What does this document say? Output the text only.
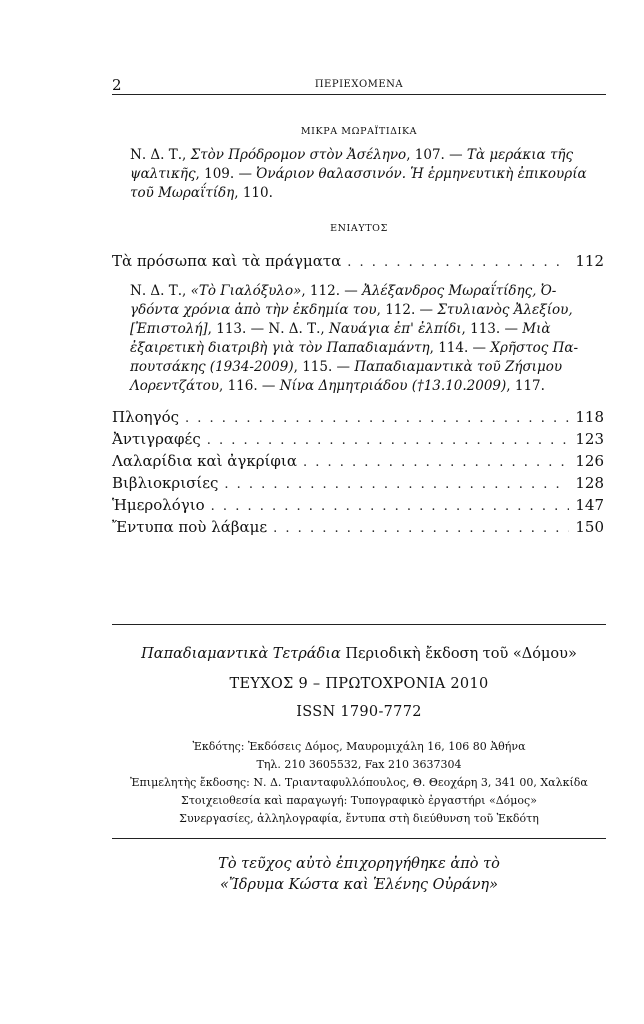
2	ΠΕΡΙΕΧΟΜΕΝΑ
ΜΙΚΡΑ ΜΩΡΑΪΤΙΔΙΚΑ
Ν. Δ. Τ., Στὸν Πρόδρομον στὸν Ἀσέληνο, 107. — Τὰ μεράκια τῆς
ψαλτικῆς, 109. — Ὀνάριον θαλασσινόν. Ἡ ἑρμηνευτικὴ ἐπικουρία
τοῦ Μωραΐτίδη, 110.
ΕΝΙΑΥΤΟΣ
Τὰ πρόσωπα καὶ τὰ πράγματα . . .	112
Ν. Δ. Τ., «Τὸ Γιαλόξυλο», 112. — Ἀλέξανδρος Μωραΐτίδης, Ὀ-
γδόντα χρόνια ἀπὸ τὴν ἐκδημία του, 112. — Στυλιανὸς Ἀλεξίου,
[Ἐπιστολή], 113. — Ν. Δ. Τ., Ναυάγια ἐπ' ἐλπίδι, 113. — Μιὰ
ἐξαιρετικὴ διατριβὴ γιὰ τὸν Παπαδιαμάντη, 114. — Χρῆστος Πα-
πουτσάκης (1934-2009), 115. — Παπαδιαμαντικὰ τοῦ Ζήσιμου
Λορεντζάτου, 116. — Νίνα Δημητριάδου (†13.10.2009), 117.
Πλοηγός . . .	118
Ἀντιγραφές . . .	123
Λαλαρίδια καὶ ἀγκρίφια . . .	126
Βιβλιοκρισίες . . .	128
Ἡμερολόγιο . . .	147
Ἔντυπα ποὺ λάβαμε . . .	150
Παπαδιαμαντικὰ Τετράδια Περιοδικὴ ἔκδοση τοῦ «Δόμου»
ΤΕΥΧΟΣ 9 – ΠΡΩΤΟΧΡΟΝΙΑ 2010
ISSN 1790-7772
Ἐκδότης: Ἐκδόσεις Δόμος, Μαυρομιχάλη 16, 106 80 Ἀθήνα
Τηλ. 210 3605532, Fax 210 3637304
Ἐπιμελητὴς ἔκδοσης: Ν. Δ. Τριανταφυλλόπουλος, Θ. Θεοχάρη 3, 341 00, Χαλκίδα
Στοιχειοθεσία καὶ παραγωγή: Τυπογραφικὸ ἐργαστήρι «Δόμος»
Συνεργασίες, ἀλληλογραφία, ἔντυπα στὴ διεύθυνση τοῦ Ἐκδότη
Τὸ τεῦχος αὐτὸ ἐπιχορηγήθηκε ἀπὸ τὸ
«Ἴδρυμα Κώστα καὶ Ἑλένης Οὐράνη»
